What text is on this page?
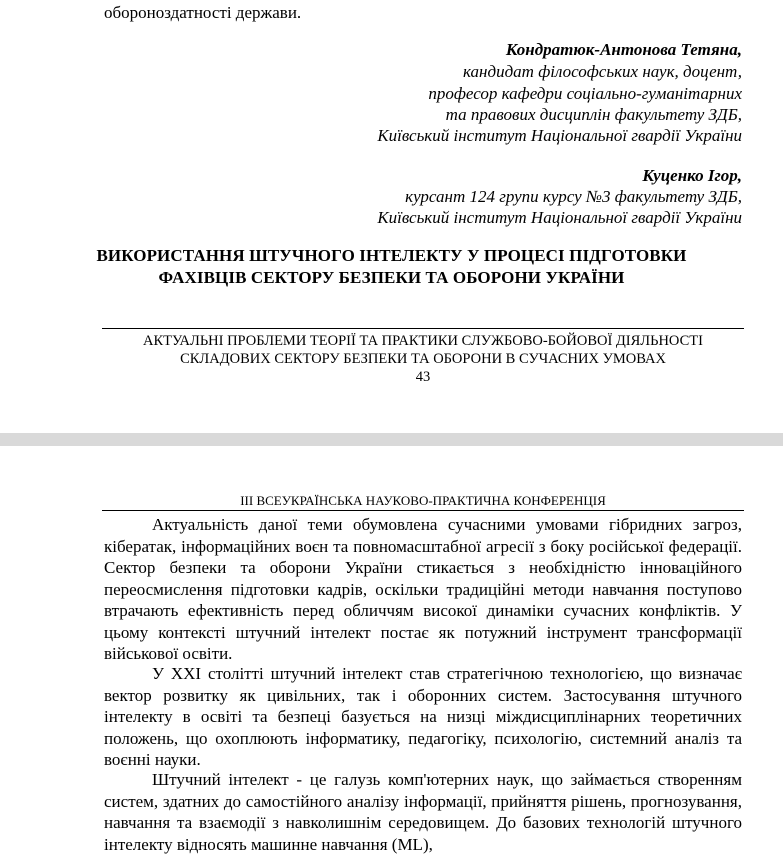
обороноздатності держави.
Кондратюк-Антонова Тетяна,
кандидат філософських наук, доцент,
професор кафедри соціально-гуманітарних
та правових дисциплін факультету ЗДБ,
Київський інститут Національної гвардії України
Куценко Ігор,
курсант 124 групи курсу №3 факультету ЗДБ,
Київський інститут Національної гвардії України
ВИКОРИСТАННЯ ШТУЧНОГО ІНТЕЛЕКТУ У ПРОЦЕСІ ПІДГОТОВКИ
ФАХІВЦІВ СЕКТОРУ БЕЗПЕКИ ТА ОБОРОНИ УКРАЇНИ
АКТУАЛЬНІ ПРОБЛЕМИ ТЕОРІЇ ТА ПРАКТИКИ СЛУЖБОВО-БОЙОВОЇ ДІЯЛЬНОСТІ
СКЛАДОВИХ СЕКТОРУ БЕЗПЕКИ ТА ОБОРОНИ В СУЧАСНИХ УМОВАХ
43
ІІІ ВСЕУКРАЇНСЬКА НАУКОВО-ПРАКТИЧНА КОНФЕРЕНЦІЯ

Актуальність даної теми обумовлена сучасними умовами гібридних загроз, кібератак, інформаційних воєн та повномасштабної агресії з боку російської федерації. Сектор безпеки та оборони України стикається з необхідністю інноваційного переосмислення підготовки кадрів, оскільки традиційні методи навчання поступово втрачають ефективність перед обличчям високої динаміки сучасних конфліктів. У цьому контексті штучний інтелект постає як потужний інструмент трансформації військової освіти.

У XXI столітті штучний інтелект став стратегічною технологією, що визначає вектор розвитку як цивільних, так і оборонних систем. Застосування штучного інтелекту в освіті та безпеці базується на низці міждисциплінарних теоретичних положень, що охоплюють інформатику, педагогіку, психологію, системний аналіз та воєнні науки.

Штучний інтелект - це галузь комп'ютерних наук, що займається створенням систем, здатних до самостійного аналізу інформації, прийняття рішень, прогнозування, навчання та взаємодії з навколишнім середовищем. До базових технологій штучного інтелекту відносять машинне навчання (ML),
